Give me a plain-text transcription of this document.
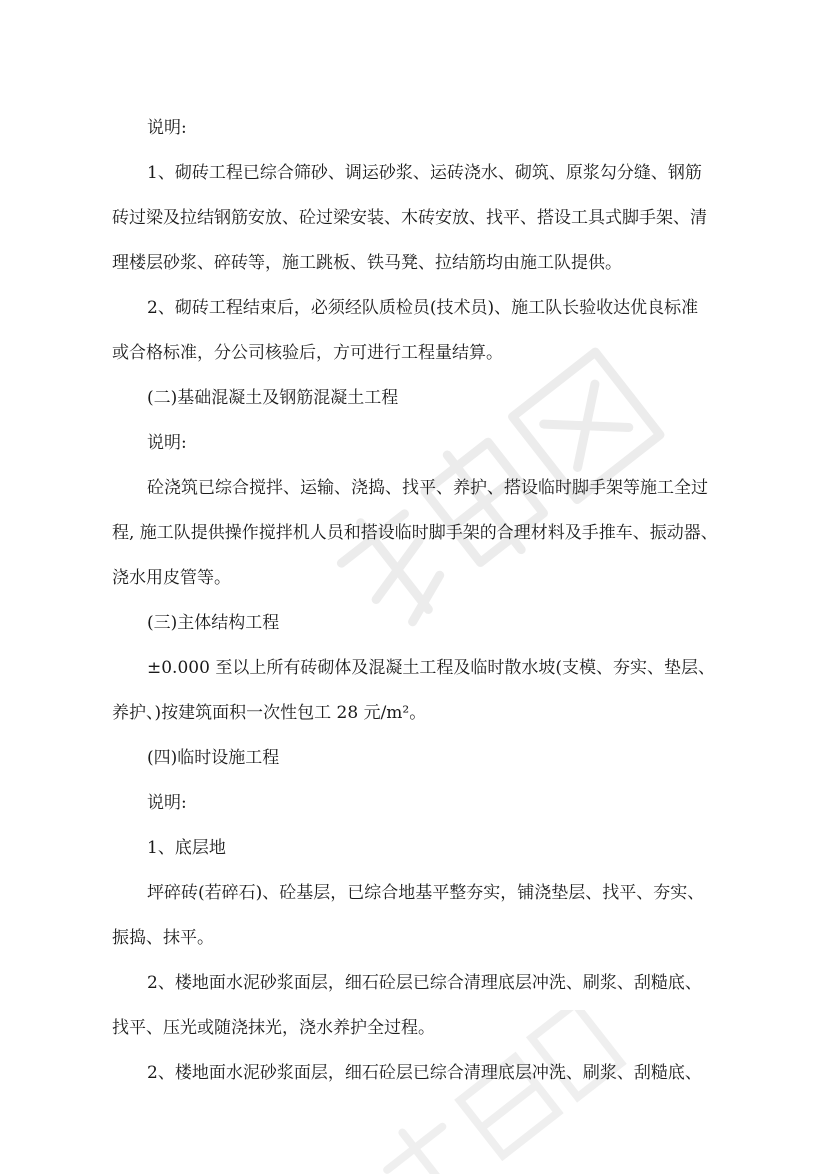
说明:

1、砌砖工程已综合筛砂、调运砂浆、运砖浇水、砌筑、原浆勾分缝、钢筋

砖过梁及拉结钢筋安放、砼过梁安装、木砖安放、找平、搭设工具式脚手架、清

理楼层砂浆、碎砖等，施工跳板、铁马凳、拉结筋均由施工队提供。

2、砌砖工程结束后，必须经队质检员(技术员)、施工队长验收达优良标准

或合格标准，分公司核验后，方可进行工程量结算。

(二)基础混凝土及钢筋混凝土工程

说明:

砼浇筑已综合搅拌、运输、浇捣、找平、养护、搭设临时脚手架等施工全过

程, 施工队提供操作搅拌机人员和搭设临时脚手架的合理材料及手推车、振动器、

浇水用皮管等。

(三)主体结构工程

±0.000 至以上所有砖砌体及混凝土工程及临时散水坡(支模、夯实、垫层、

养护、)按建筑面积一次性包工 28 元/m²。

(四)临时设施工程

说明:

1、底层地

坪碎砖(若碎石)、砼基层，已综合地基平整夯实，铺浇垫层、找平、夯实、

振捣、抹平。

2、楼地面水泥砂浆面层，细石砼层已综合清理底层冲洗、刷浆、刮糙底、

找平、压光或随浇抹光，浇水养护全过程。

2、楼地面水泥砂浆面层，细石砼层已综合清理底层冲洗、刷浆、刮糙底、
